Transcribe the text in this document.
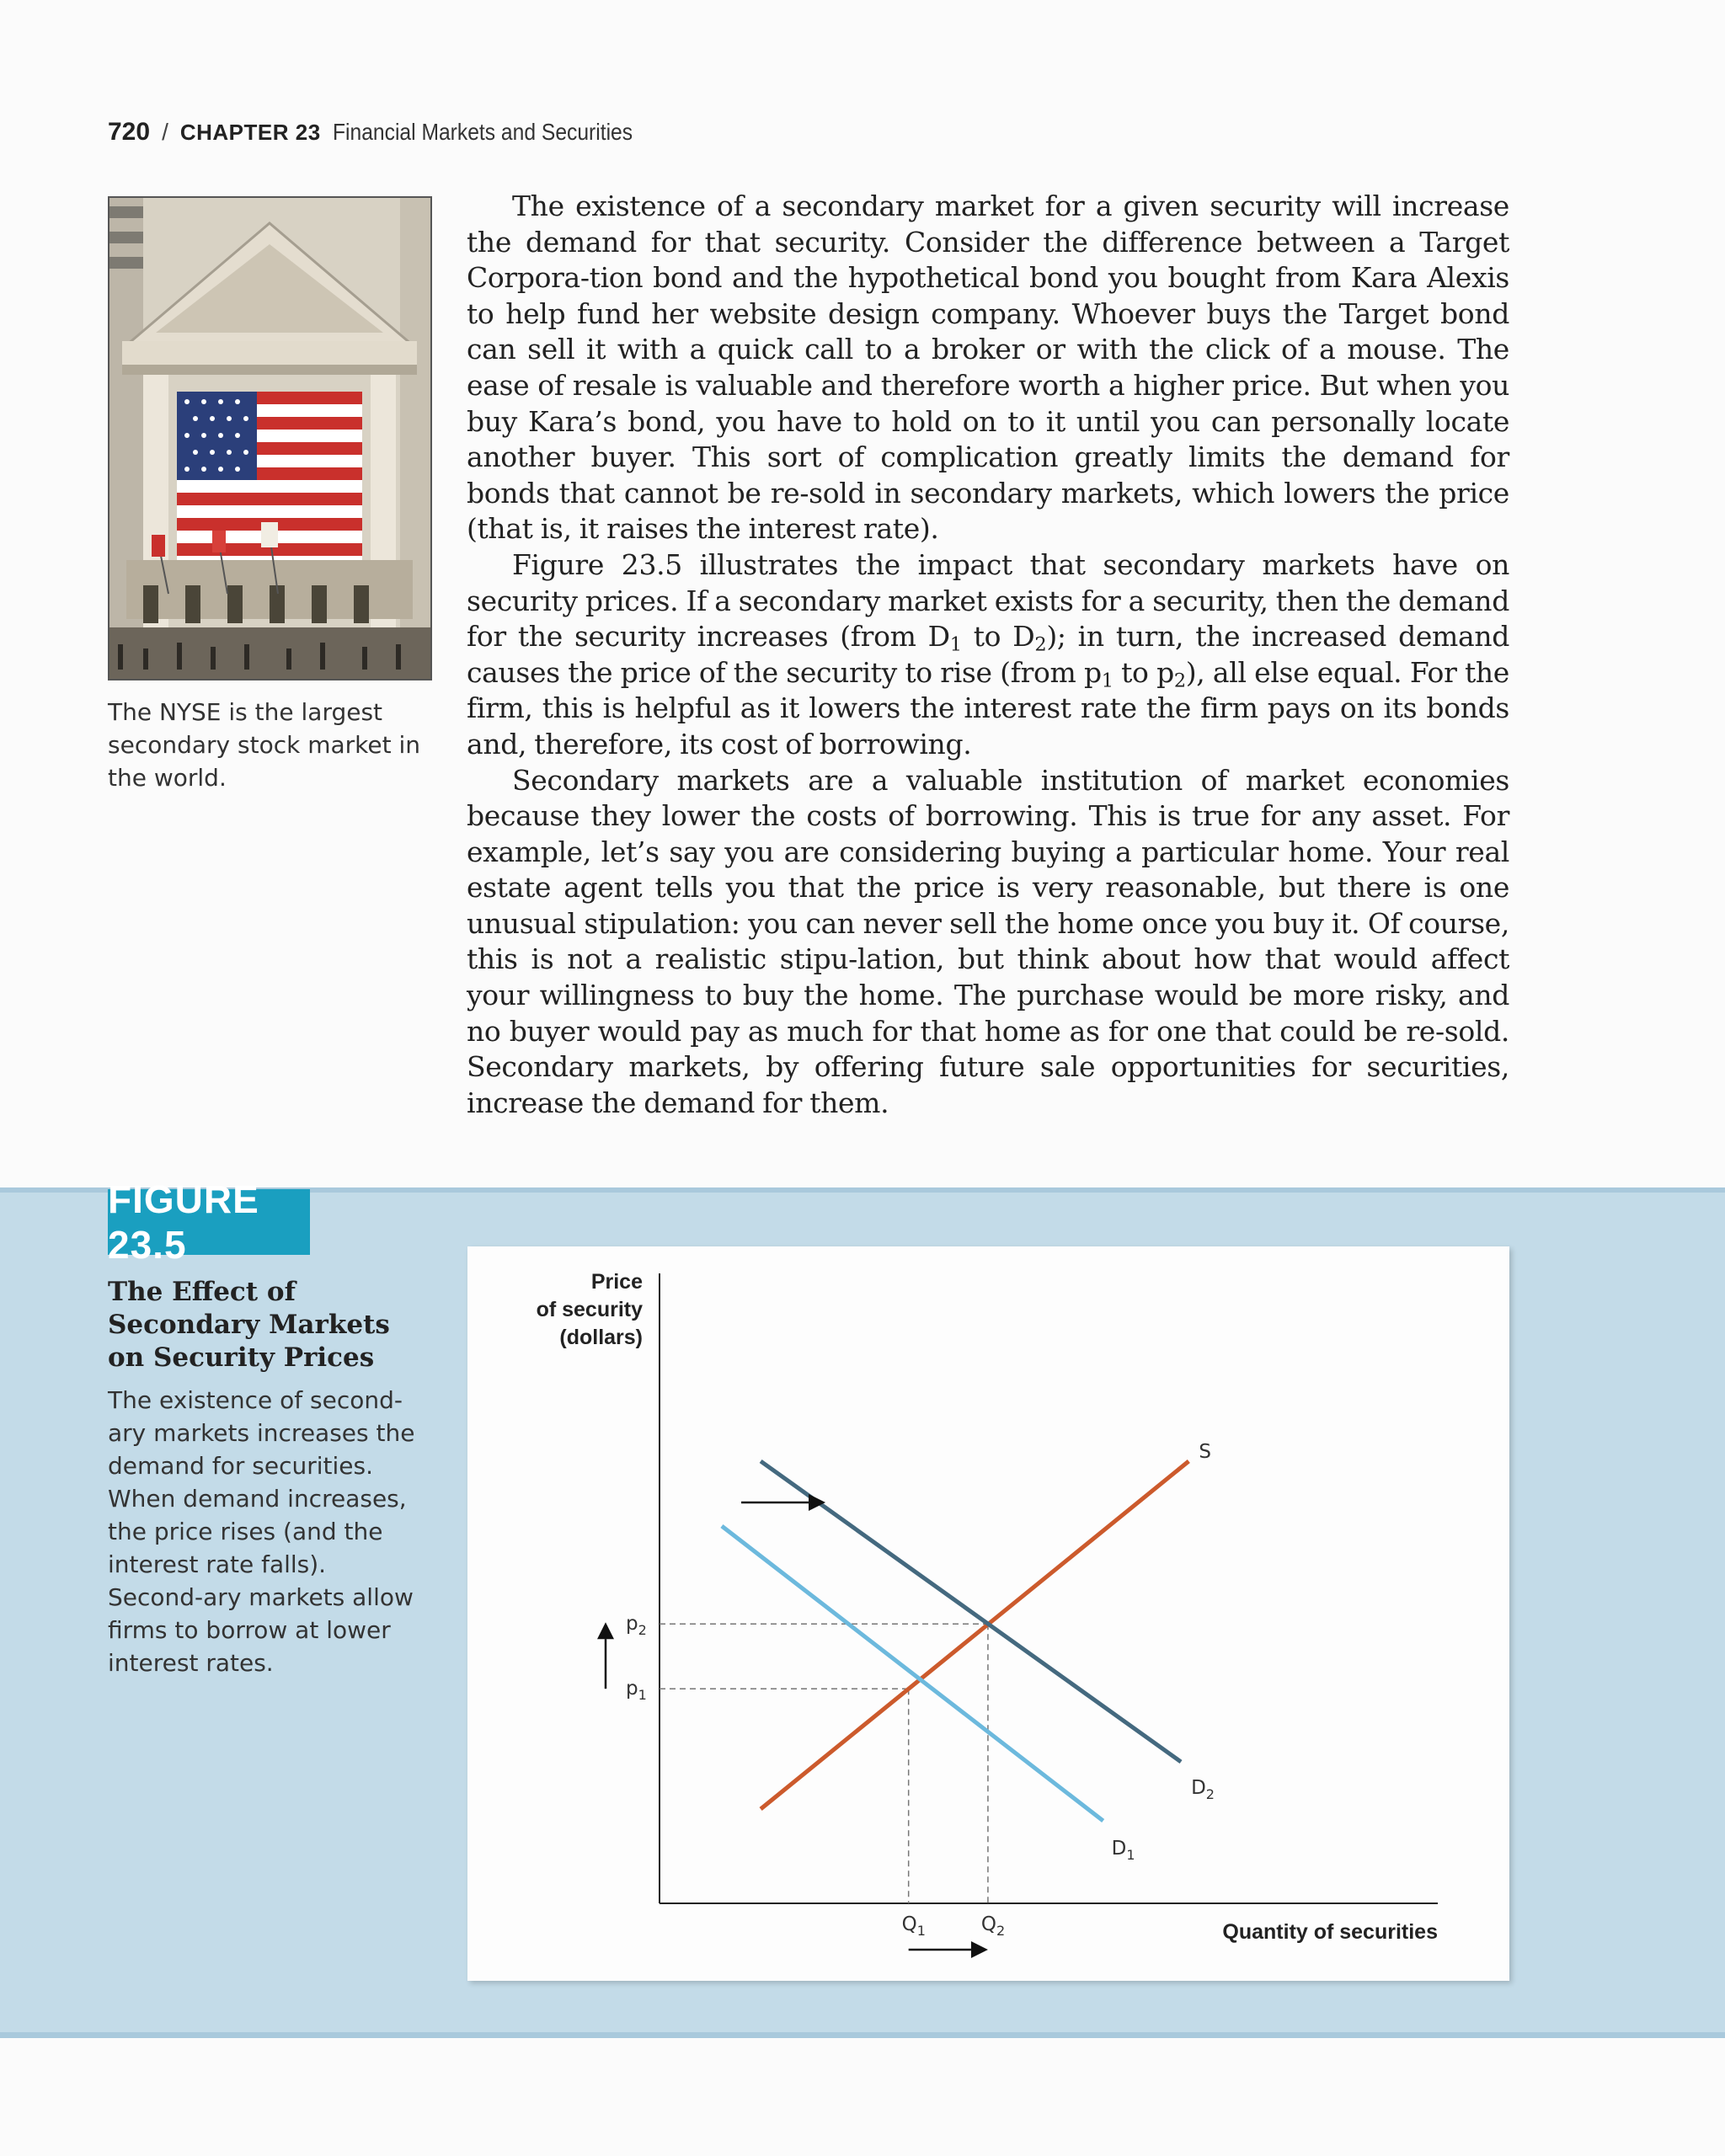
720 / CHAPTER 23 Financial Markets and Securities
The NYSE is the largest secondary stock market in the world.

The existence of a secondary market for a given security will increase the demand for that security. Consider the difference between a Target Corpora-tion bond and the hypothetical bond you bought from Kara Alexis to help fund her website design company. Whoever buys the Target bond can sell it with a quick call to a broker or with the click of a mouse. The ease of resale is valuable and therefore worth a higher price. But when you buy Kara’s bond, you have to hold on to it until you can personally locate another buyer. This sort of complication greatly limits the demand for bonds that cannot be re-sold in secondary markets, which lowers the price (that is, it raises the interest rate).

Figure 23.5 illustrates the impact that secondary markets have on security prices. If a secondary market exists for a security, then the demand for the security increases (from $D_1$ to $D_2$); in turn, the increased demand causes the price of the security to rise (from $p_1$ to $p_2$), all else equal. For the firm, this is helpful as it lowers the interest rate the firm pays on its bonds and, therefore, its cost of borrowing.

Secondary markets are a valuable institution of market economies because they lower the costs of borrowing. This is true for any asset. For example, let’s say you are considering buying a particular home. Your real estate agent tells you that the price is very reasonable, but there is one unusual stipulation: you can never sell the home once you buy it. Of course, this is not a realistic stipu-lation, but think about how that would affect your willingness to buy the home. The purchase would be more risky, and no buyer would pay as much for that home as for one that could be re-sold. Secondary markets, by offering future sale opportunities for securities, increase the demand for them.

FIGURE 23.5
The Effect of Secondary Markets on Security Prices
The existence of second-ary markets increases the demand for securities. When demand increases, the price rises (and the interest rate falls). Second-ary markets allow firms to borrow at lower interest rates.
Price
of security
(dollars)
Quantity of securities
S
$D_2$
$D_1$
$p_1$
$Q_1$
$p_2$
$Q_2$
